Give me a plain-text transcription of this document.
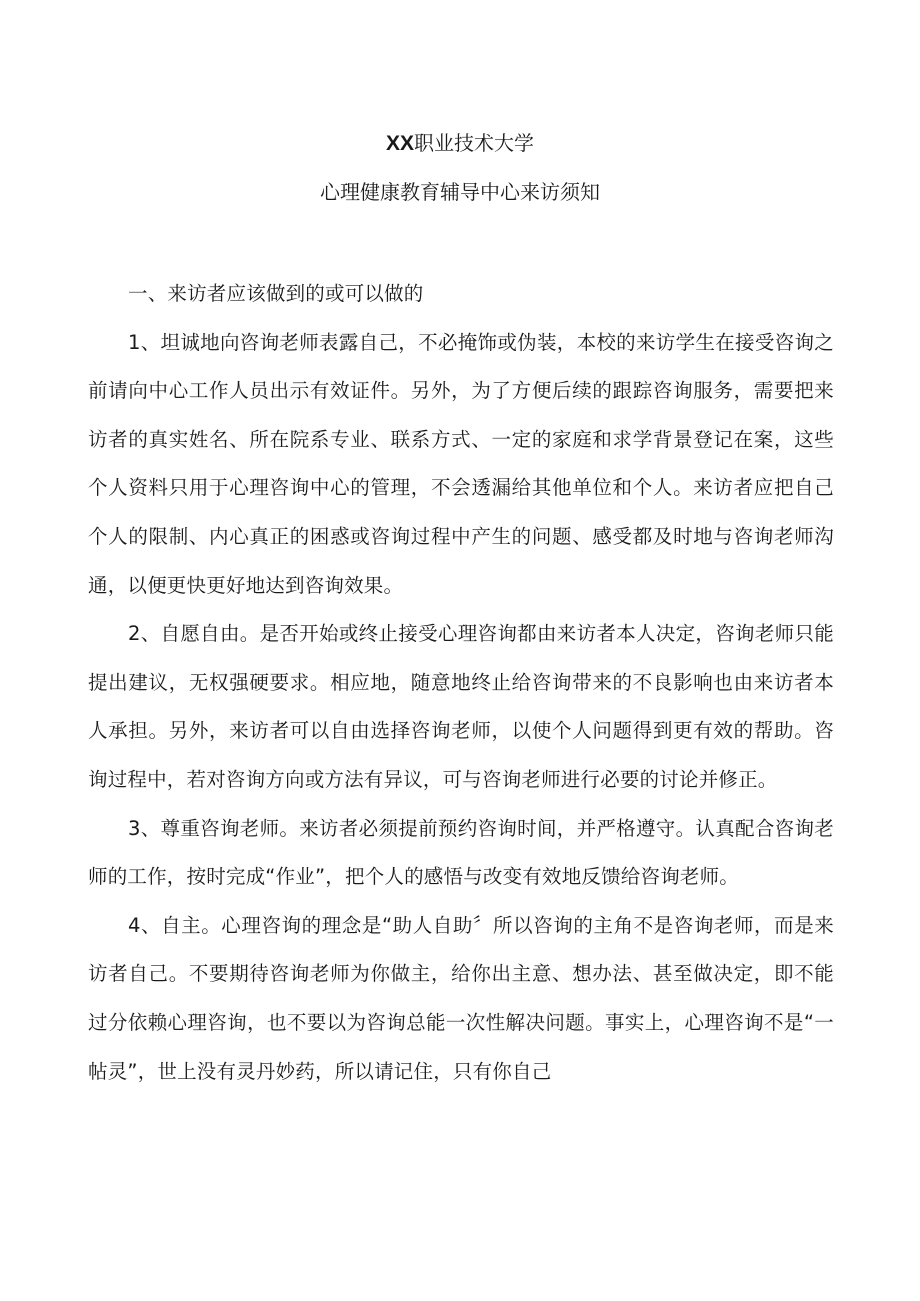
XX职业技术大学
心理健康教育辅导中心来访须知

一、来访者应该做到的或可以做的

1、坦诚地向咨询老师表露自己，不必掩饰或伪装，本校的来访学生在接受咨询之前请向中心工作人员出示有效证件。另外，为了方便后续的跟踪咨询服务，需要把来访者的真实姓名、所在院系专业、联系方式、一定的家庭和求学背景登记在案，这些个人资料只用于心理咨询中心的管理，不会透漏给其他单位和个人。来访者应把自己个人的限制、内心真正的困惑或咨询过程中产生的问题、感受都及时地与咨询老师沟通，以便更快更好地达到咨询效果。

2、自愿自由。是否开始或终止接受心理咨询都由来访者本人决定，咨询老师只能提出建议，无权强硬要求。相应地，随意地终止给咨询带来的不良影响也由来访者本人承担。另外，来访者可以自由选择咨询老师，以使个人问题得到更有效的帮助。咨询过程中，若对咨询方向或方法有异议，可与咨询老师进行必要的讨论并修正。

3、尊重咨询老师。来访者必须提前预约咨询时间，并严格遵守。认真配合咨询老师的工作，按时完成“作业”，把个人的感悟与改变有效地反馈给咨询老师。

4、自主。心理咨询的理念是“助人自助〞所以咨询的主角不是咨询老师，而是来访者自己。不要期待咨询老师为你做主，给你出主意、想办法、甚至做决定，即不能过分依赖心理咨询，也不要以为咨询总能一次性解决问题。事实上，心理咨询不是“一帖灵”，世上没有灵丹妙药，所以请记住，只有你自己
